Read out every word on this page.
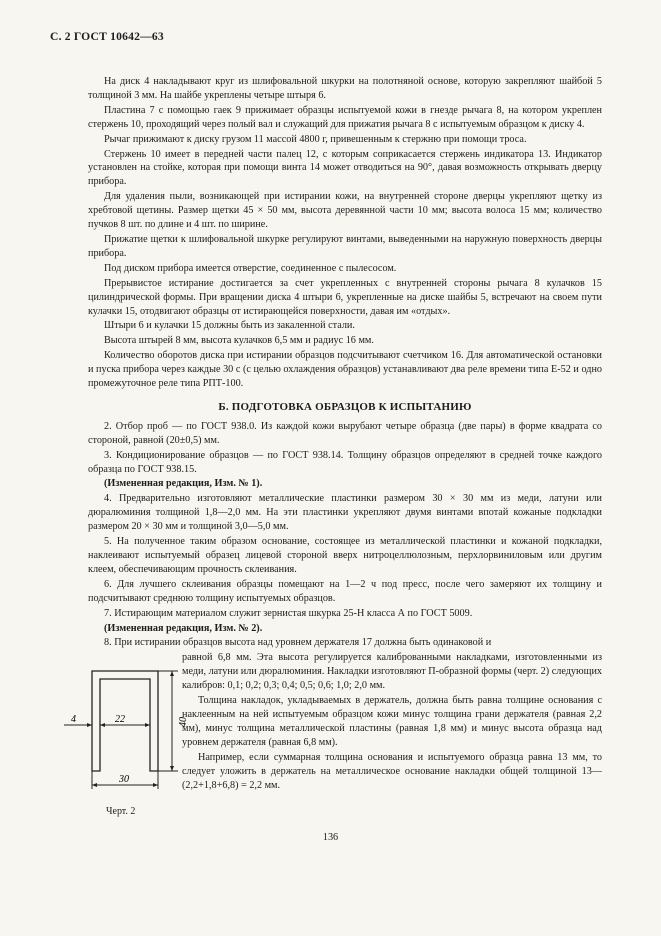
С. 2 ГОСТ 10642—63
На диск 4 накладывают круг из шлифовальной шкурки на полотняной основе, которую закрепляют шайбой 5 толщиной 3 мм. На шайбе укреплены четыре штыря 6.
Пластина 7 с помощью гаек 9 прижимает образцы испытуемой кожи в гнезде рычага 8, на котором укреплен стержень 10, проходящий через полый вал и служащий для прижатия рычага 8 с испытуемым образцом к диску 4.
Рычаг прижимают к диску грузом 11 массой 4800 г, привешенным к стержню при помощи троса.
Стержень 10 имеет в передней части палец 12, с которым соприкасается стержень индикатора 13. Индикатор установлен на стойке, которая при помощи винта 14 может отводиться на 90°, давая возможность открывать дверцу прибора.
Для удаления пыли, возникающей при истирании кожи, на внутренней стороне дверцы укрепляют щетку из хребтовой щетины. Размер щетки 45 × 50 мм, высота деревянной части 10 мм; высота волоса 15 мм; количество пучков 8 шт. по длине и 4 шт. по ширине.
Прижатие щетки к шлифовальной шкурке регулируют винтами, выведенными на наружную поверхность дверцы прибора.
Под диском прибора имеется отверстие, соединенное с пылесосом.
Прерывистое истирание достигается за счет укрепленных с внутренней стороны рычага 8 кулачков 15 цилиндрической формы. При вращении диска 4 штыри 6, укрепленные на диске шайбы 5, встречают на своем пути кулачки 15, отодвигают образцы от истирающейся поверхности, давая им «отдых».
Штыри 6 и кулачки 15 должны быть из закаленной стали.
Высота штырей 8 мм, высота кулачков 6,5 мм и радиус 16 мм.
Количество оборотов диска при истирании образцов подсчитывают счетчиком 16. Для автоматической остановки и пуска прибора через каждые 30 с (с целью охлаждения образцов) устанавливают два реле времени типа Е-52 и одно промежуточное реле типа РПТ-100.
Б. ПОДГОТОВКА ОБРАЗЦОВ К ИСПЫТАНИЮ
2. Отбор проб — по ГОСТ 938.0. Из каждой кожи вырубают четыре образца (две пары) в форме квадрата со стороной, равной (20±0,5) мм.
3. Кондиционирование образцов — по ГОСТ 938.14. Толщину образцов определяют в средней точке каждого образца по ГОСТ 938.15.
(Измененная редакция, Изм. № 1).
4. Предварительно изготовляют металлические пластинки размером 30 × 30 мм из меди, латуни или дюралюминия толщиной 1,8—2,0 мм. На эти пластинки укрепляют двумя винтами впотай кожаные подкладки размером 20 × 30 мм и толщиной 3,0—5,0 мм.
5. На полученное таким образом основание, состоящее из металлической пластинки и кожаной подкладки, наклеивают испытуемый образец лицевой стороной вверх нитроцеллюлозным, перхлорвиниловым или другим клеем, обеспечивающим прочность склеивания.
6. Для лучшего склеивания образцы помещают на 1—2 ч под пресс, после чего замеряют их толщину и подсчитывают среднюю толщину испытуемых образцов.
7. Истирающим материалом служит зернистая шкурка 25-Н класса А по ГОСТ 5009.
(Измененная редакция, Изм. № 2).
8. При истирании образцов высота над уровнем держателя 17 должна быть одинаковой и
4	22	40
30
Черт. 2
равной 6,8 мм. Эта высота регулируется калиброванными накладками, изготовленными из меди, латуни или дюралюминия. Накладки изготовляют П-образной формы (черт. 2) следующих калибров: 0,1; 0,2; 0,3; 0,4; 0,5; 0,6; 1,0; 2,0 мм.
Толщина накладок, укладываемых в держатель, должна быть равна толщине основания с наклеенным на ней испытуемым образцом кожи минус толщина грани держателя (равная 2,2 мм), минус толщина металлической пластины (равная 1,8 мм) и минус высота образца над уровнем держателя (равная 6,8 мм).
Например, если суммарная толщина основания и испытуемого образца равна 13 мм, то следует уложить в держатель на металлическое основание накладки общей толщиной 13—(2,2+1,8+6,8) = 2,2 мм.
136
